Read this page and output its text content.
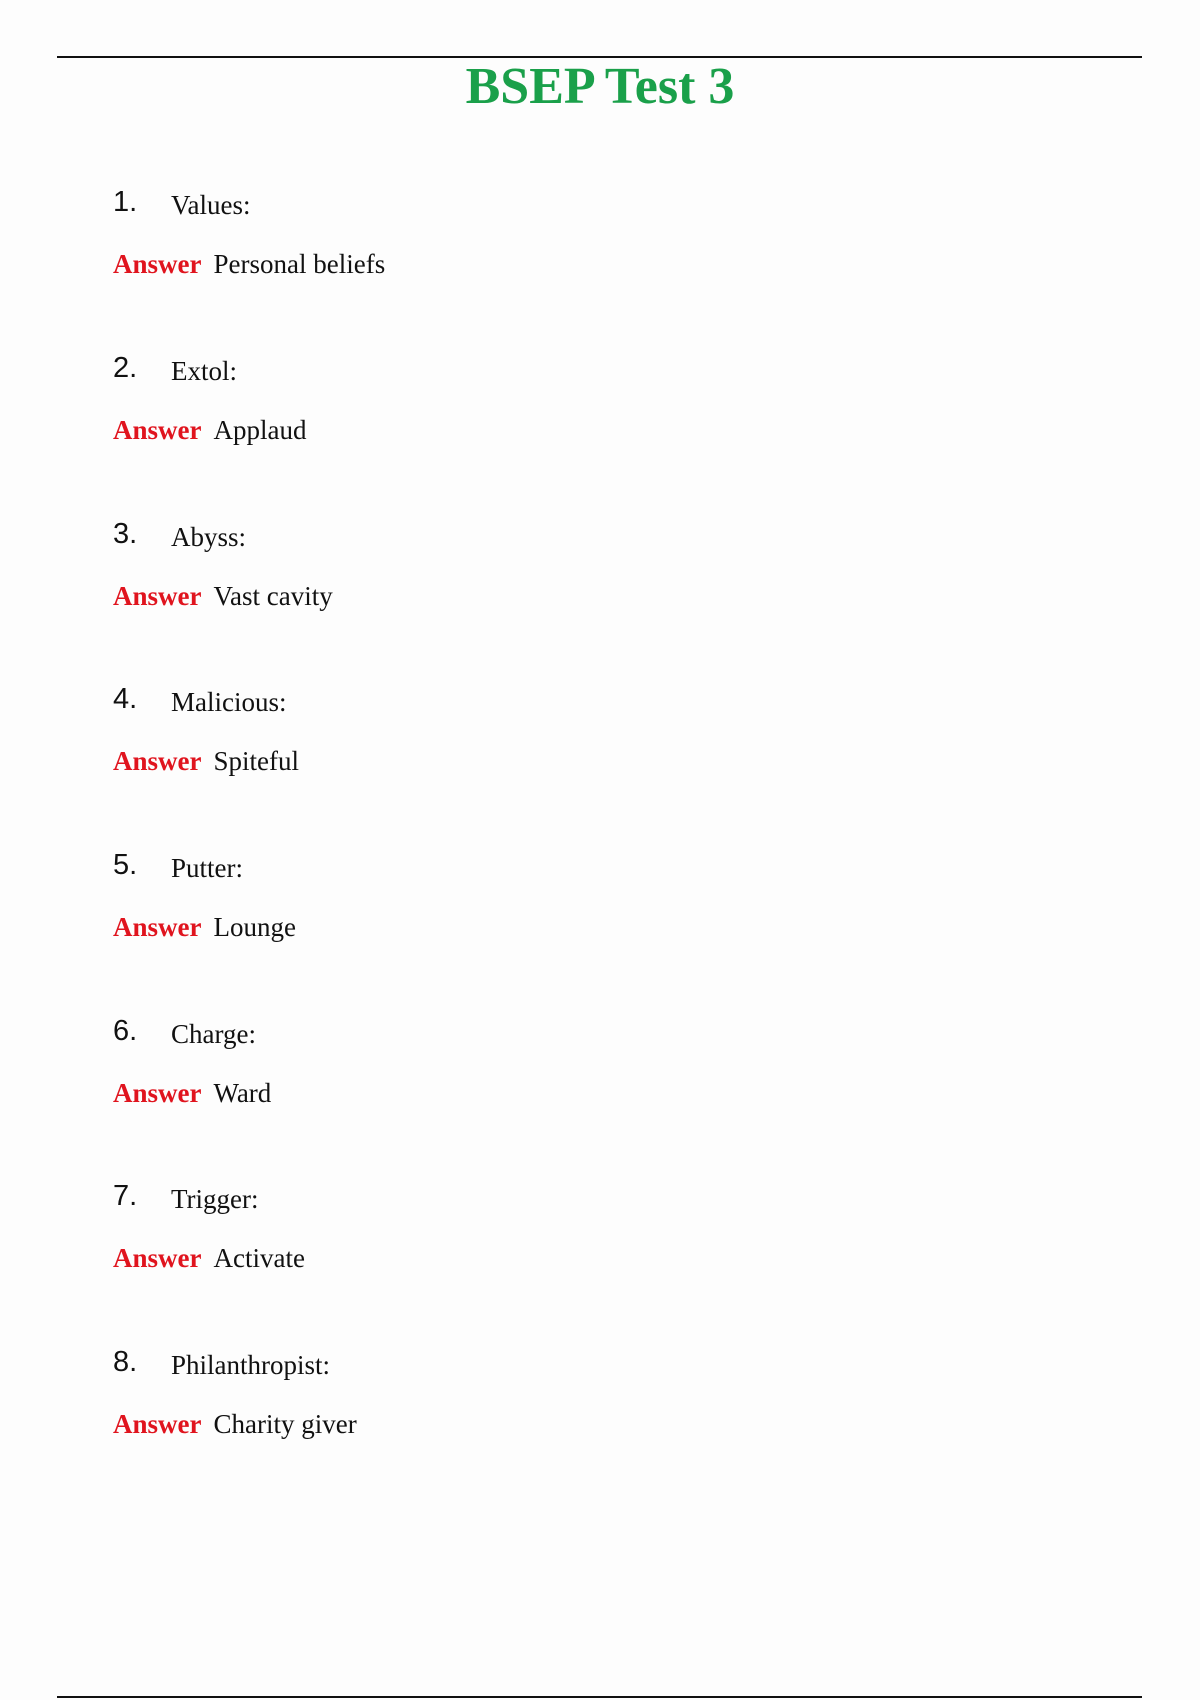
BSEP Test 3
1. Values:
Answer Personal beliefs
2. Extol:
Answer Applaud
3. Abyss:
Answer Vast cavity
4. Malicious:
Answer Spiteful
5. Putter:
Answer Lounge
6. Charge:
Answer Ward
7. Trigger:
Answer Activate
8. Philanthropist:
Answer Charity giver
